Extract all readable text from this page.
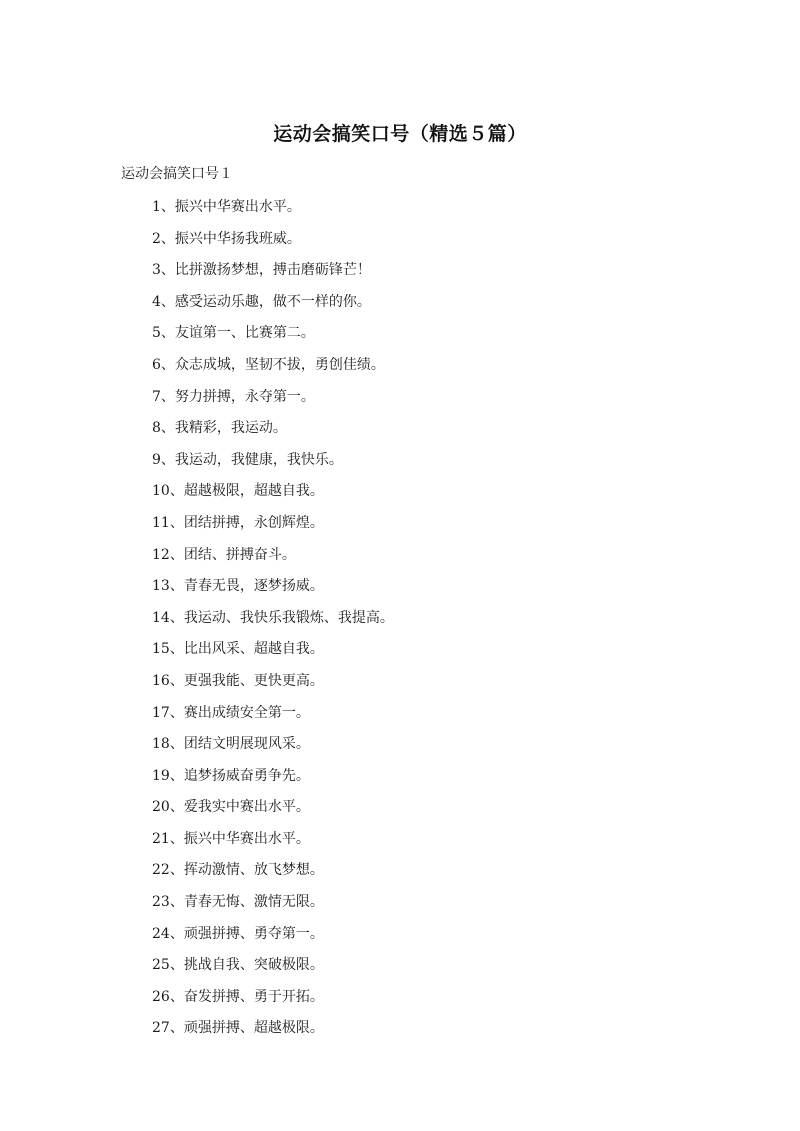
运动会搞笑口号（精选５篇）
运动会搞笑口号１
1、振兴中华赛出水平。
2、振兴中华扬我班威。
3、比拼激扬梦想，搏击磨砺锋芒！
4、感受运动乐趣，做不一样的你。
5、友谊第一、比赛第二。
6、众志成城，坚韧不拔，勇创佳绩。
7、努力拼搏，永夺第一。
8、我精彩，我运动。
9、我运动，我健康，我快乐。
10、超越极限，超越自我。
11、团结拼搏，永创辉煌。
12、团结、拼搏奋斗。
13、青春无畏，逐梦扬威。
14、我运动、我快乐我锻炼、我提高。
15、比出风采、超越自我。
16、更强我能、更快更高。
17、赛出成绩安全第一。
18、团结文明展现风采。
19、追梦扬威奋勇争先。
20、爱我实中赛出水平。
21、振兴中华赛出水平。
22、挥动激情、放飞梦想。
23、青春无悔、激情无限。
24、顽强拼搏、勇夺第一。
25、挑战自我、突破极限。
26、奋发拼搏、勇于开拓。
27、顽强拼搏、超越极限。
